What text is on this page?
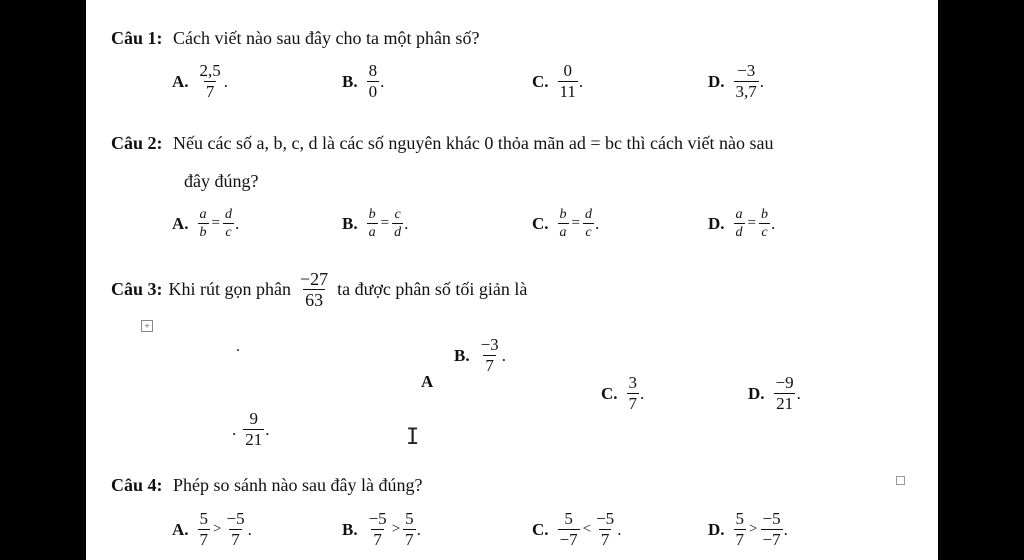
Câu 1: Cách viết nào sau đây cho ta một phân số?
A. $\frac{2,5}{7}$ .	B. $\frac{8}{0}$ .	C. $\frac{0}{11}$ .	D. $\frac{-3}{3,7}$ .
Câu 2: Nếu các số a, b, c, d là các số nguyên khác 0 thỏa mãn ad = bc thì cách viết nào sau
đây đúng?
A. $\frac{a}{b} = \frac{d}{c}$ .	B. $\frac{b}{a} = \frac{c}{d}$ .	C. $\frac{b}{a} = \frac{d}{c}$ .	D. $\frac{a}{d} = \frac{b}{c}$ .
Câu 3: Khi rút gọn phân $\frac{-27}{63}$ ta được phân số tối giản là
+
.	B. $\frac{-3}{7}$ .
A
C. $\frac{3}{7}$ .	D. $\frac{-9}{21}$ .
. $\frac{9}{21}$ .	I
Câu 4: Phép so sánh nào sau đây là đúng?
A. $\frac{5}{7} > \frac{-5}{7}$ .	B. $\frac{-5}{7} > \frac{5}{7}$ .	C. $\frac{5}{-7} < \frac{-5}{7}$ .	D. $\frac{5}{7} > \frac{-5}{-7}$ .
